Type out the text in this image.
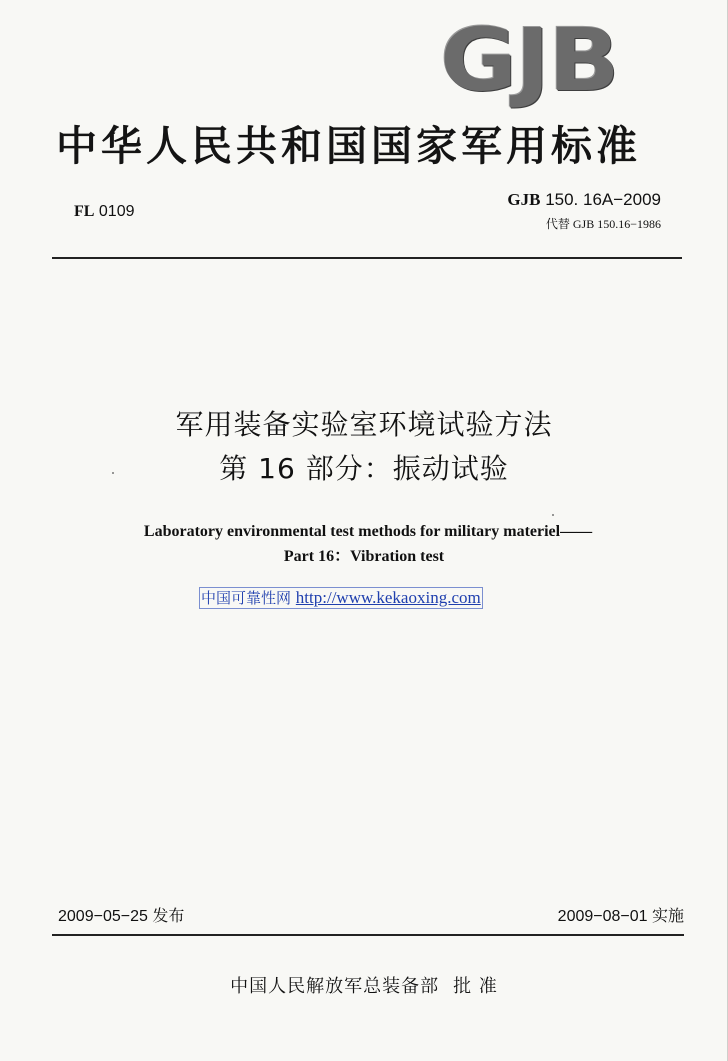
GJB
中华人民共和国国家军用标准
FL 0109
GJB 150. 16A−2009
代替 GJB 150.16−1986
军用装备实验室环境试验方法
第 16 部分：振动试验
Laboratory environmental test methods for military materiel——
Part 16：Vibration test
中国可靠性网 http://www.kekaoxing.com
2009−05−25 发布	2009−08−01 实施
中国人民解放军总装备部 批 准
